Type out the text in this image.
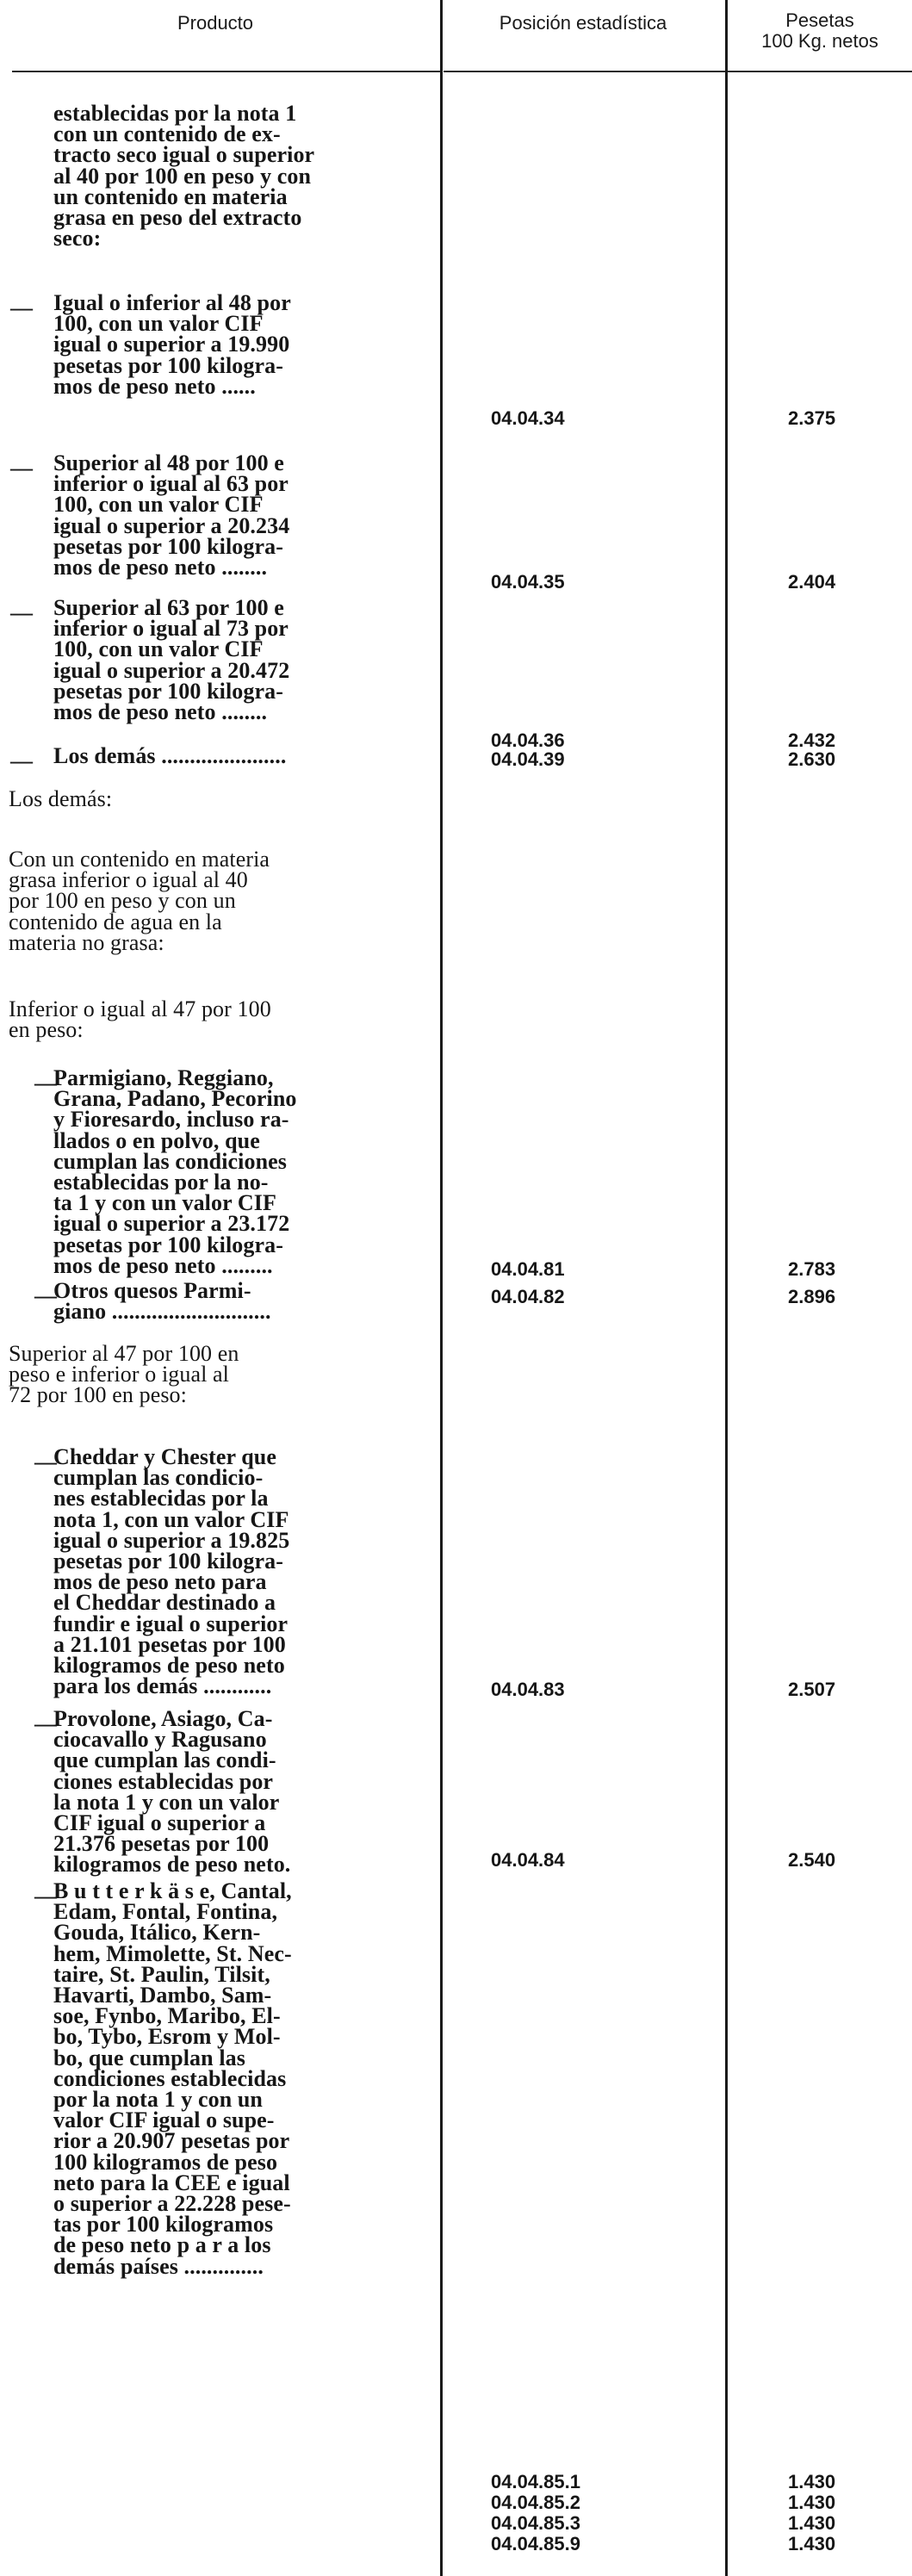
Producto	Posición estadística	Pesetas
100 Kg. netos

establecidas por la nota 1
con un contenido de ex-
tracto seco igual o superior
al 40 por 100 en peso y con
un contenido en materia
grasa en peso del extracto
seco:

— Igual o inferior al 48 por
100, con un valor CIF
igual o superior a 19.990
pesetas por 100 kilogra-
mos de peso neto ......

— Superior al 48 por 100 e
inferior o igual al 63 por
100, con un valor CIF
igual o superior a 20.234
pesetas por 100 kilogra-
mos de peso neto ........

— Superior al 63 por 100 e
inferior o igual al 73 por
100, con un valor CIF
igual o superior a 20.472
pesetas por 100 kilogra-
mos de peso neto ........

— Los demás ......................

Los demás:

Con un contenido en materia
grasa inferior o igual al 40
por 100 en peso y con un
contenido de agua en la
materia no grasa:

Inferior o igual al 47 por 100
en peso:

—

Parmigiano, Reggiano,
Grana, Padano, Pecorino
y Fioresardo, incluso ra-
llados o en polvo, que
cumplan las condiciones
establecidas por la no-
ta 1 y con un valor CIF
igual o superior a 23.172
pesetas por 100 kilogra-
mos de peso neto .........

—

Otros quesos Parmi-
giano ............................

Superior al 47 por 100 en
peso e inferior o igual al
72 por 100 en peso:

—

Cheddar y Chester que
cumplan las condicio-
nes establecidas por la
nota 1, con un valor CIF
igual o superior a 19.825
pesetas por 100 kilogra-
mos de peso neto para
el Cheddar destinado a
fundir e igual o superior
a 21.101 pesetas por 100
kilogramos de peso neto
para los demás ............

—

Provolone, Asiago, Ca-
ciocavallo y Ragusano
que cumplan las condi-
ciones establecidas por
la nota 1 y con un valor
CIF igual o superior a
21.376 pesetas por 100
kilogramos de peso neto.

—

B u t t e r k ä s e, Cantal,
Edam, Fontal, Fontina,
Gouda, Itálico, Kern-
hem, Mimolette, St. Nec-
taire, St. Paulin, Tilsit,
Havarti, Dambo, Sam-
soe, Fynbo, Maribo, El-
bo, Tybo, Esrom y Mol-
bo, que cumplan las
condiciones establecidas
por la nota 1 y con un
valor CIF igual o supe-
rior a 20.907 pesetas por
100 kilogramos de peso
neto para la CEE e igual
o superior a 22.228 pese-
tas por 100 kilogramos
de peso neto p a r a los
demás países ..............

04.04.34
04.04.35
04.04.36
04.04.39
04.04.81
04.04.82
04.04.83
04.04.84
04.04.85.1
04.04.85.2
04.04.85.3
04.04.85.9
2.375
2.404
2.432
2.630
2.783
2.896
2.507
2.540
1.430
1.430
1.430
1.430
